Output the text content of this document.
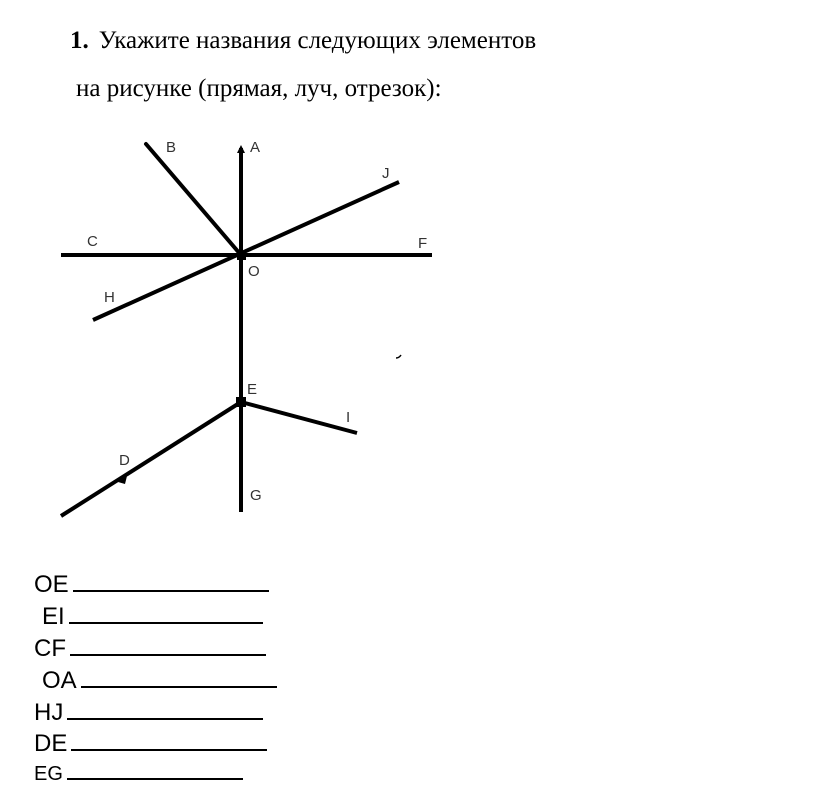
1. Укажите названия следующих элементов
на рисунке (прямая, луч, отрезок):
B	A
J
C	F
O
H
E
I
D
G
OE
EI
CF
OA
HJ
DE
EG
